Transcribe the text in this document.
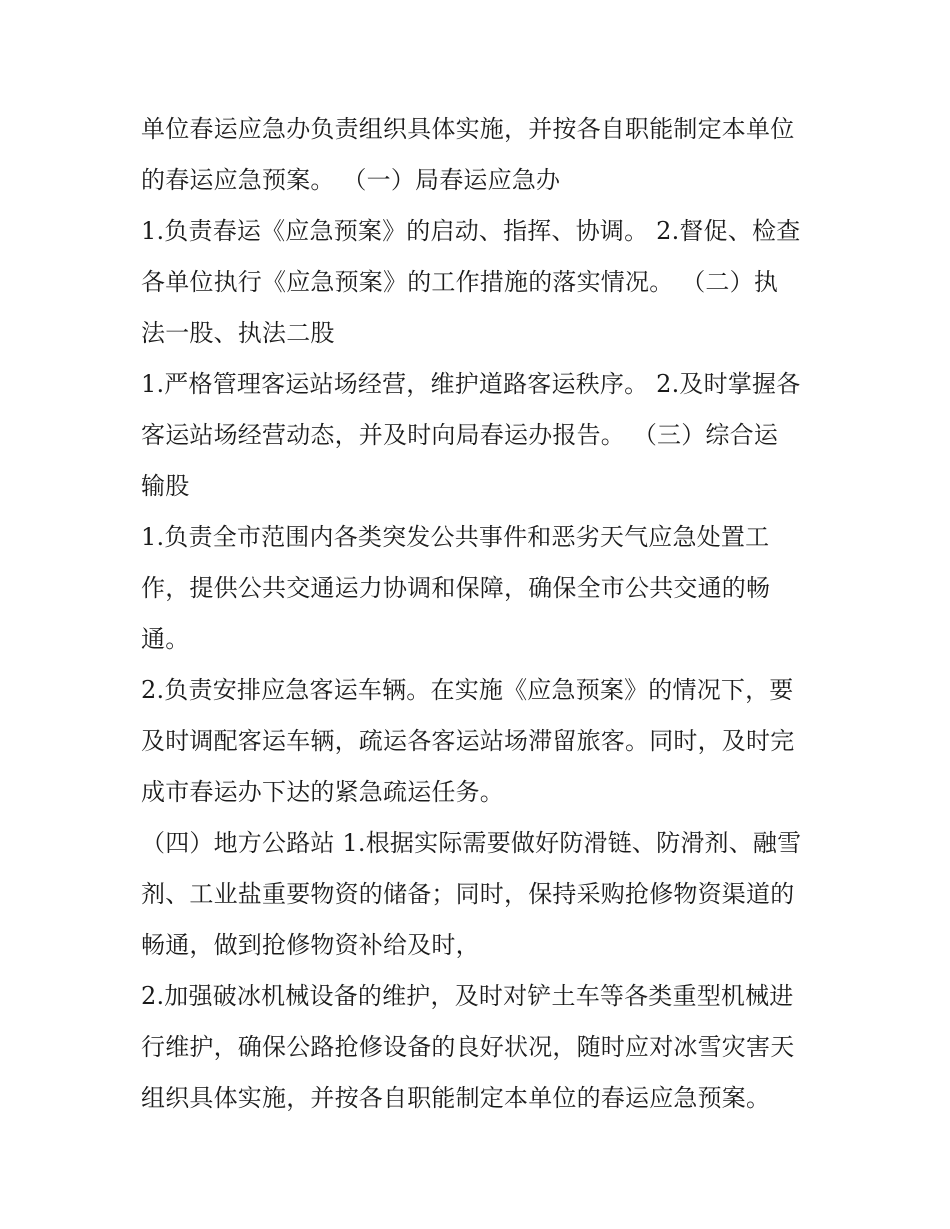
单位春运应急办负责组织具体实施，并按各自职能制定本单位
的春运应急预案。 （一）局春运应急办
1.负责春运《应急预案》的启动、指挥、协调。 2.督促、检查
各单位执行《应急预案》的工作措施的落实情况。 （二）执
法一股、执法二股
1.严格管理客运站场经营，维护道路客运秩序。 2.及时掌握各
客运站场经营动态，并及时向局春运办报告。 （三）综合运
输股
1.负责全市范围内各类突发公共事件和恶劣天气应急处置工
作，提供公共交通运力协调和保障，确保全市公共交通的畅
通。
2.负责安排应急客运车辆。在实施《应急预案》的情况下，要
及时调配客运车辆，疏运各客运站场滞留旅客。同时，及时完
成市春运办下达的紧急疏运任务。
（四）地方公路站 1.根据实际需要做好防滑链、防滑剂、融雪
剂、工业盐重要物资的储备；同时，保持采购抢修物资渠道的
畅通，做到抢修物资补给及时，
2.加强破冰机械设备的维护，及时对铲土车等各类重型机械进
行维护，确保公路抢修设备的良好状况，随时应对冰雪灾害天
组织具体实施，并按各自职能制定本单位的春运应急预案。
